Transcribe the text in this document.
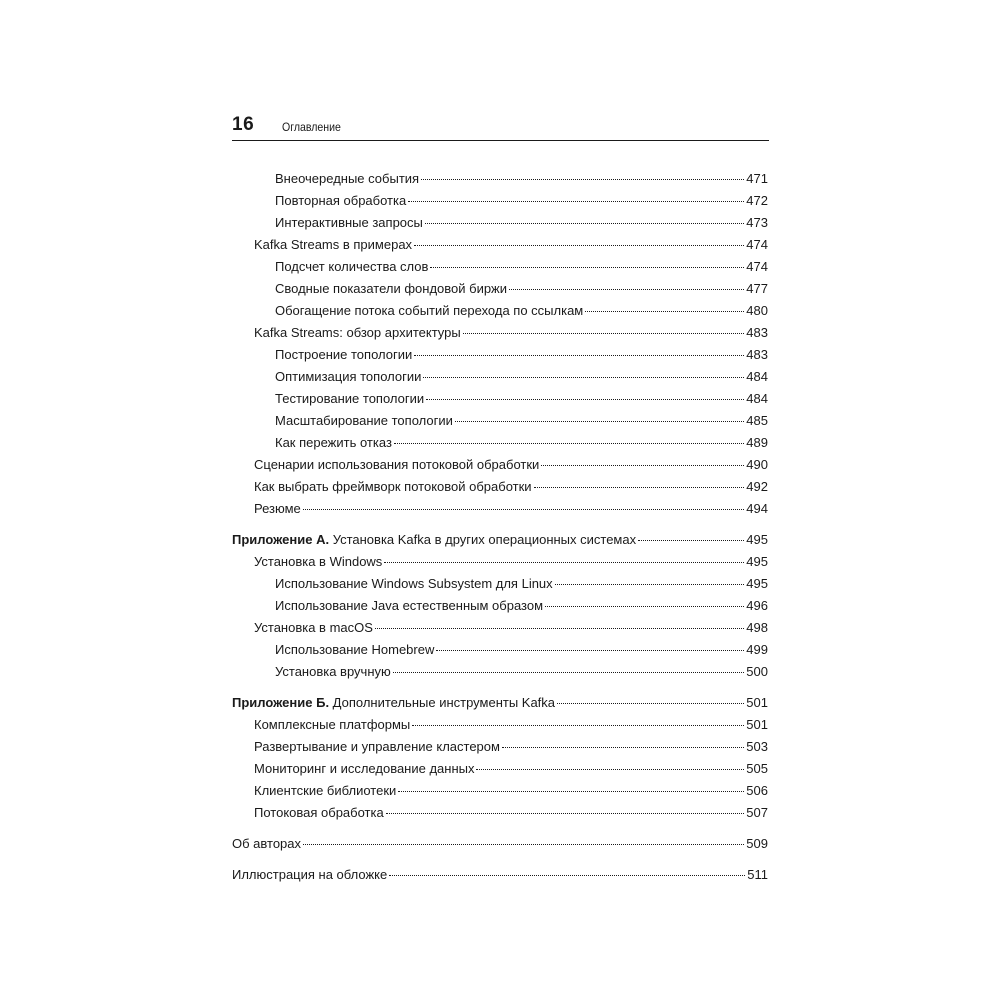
16 Оглавление
Внеочередные события	471
Повторная обработка	472
Интерактивные запросы	473
Kafka Streams в примерах	474
Подсчет количества слов	474
Сводные показатели фондовой биржи	477
Обогащение потока событий перехода по ссылкам	480
Kafka Streams: обзор архитектуры	483
Построение топологии	483
Оптимизация топологии	484
Тестирование топологии	484
Масштабирование топологии	485
Как пережить отказ	489
Сценарии использования потоковой обработки	490
Как выбрать фреймворк потоковой обработки	492
Резюме	494
Приложение А. Установка Kafka в других операционных системах	495
Установка в Windows	495
Использование Windows Subsystem для Linux	495
Использование Java естественным образом	496
Установка в macOS	498
Использование Homebrew	499
Установка вручную	500
Приложение Б. Дополнительные инструменты Kafka	501
Комплексные платформы	501
Развертывание и управление кластером	503
Мониторинг и исследование данных	505
Клиентские библиотеки	506
Потоковая обработка	507
Об авторах	509
Иллюстрация на обложке	511
